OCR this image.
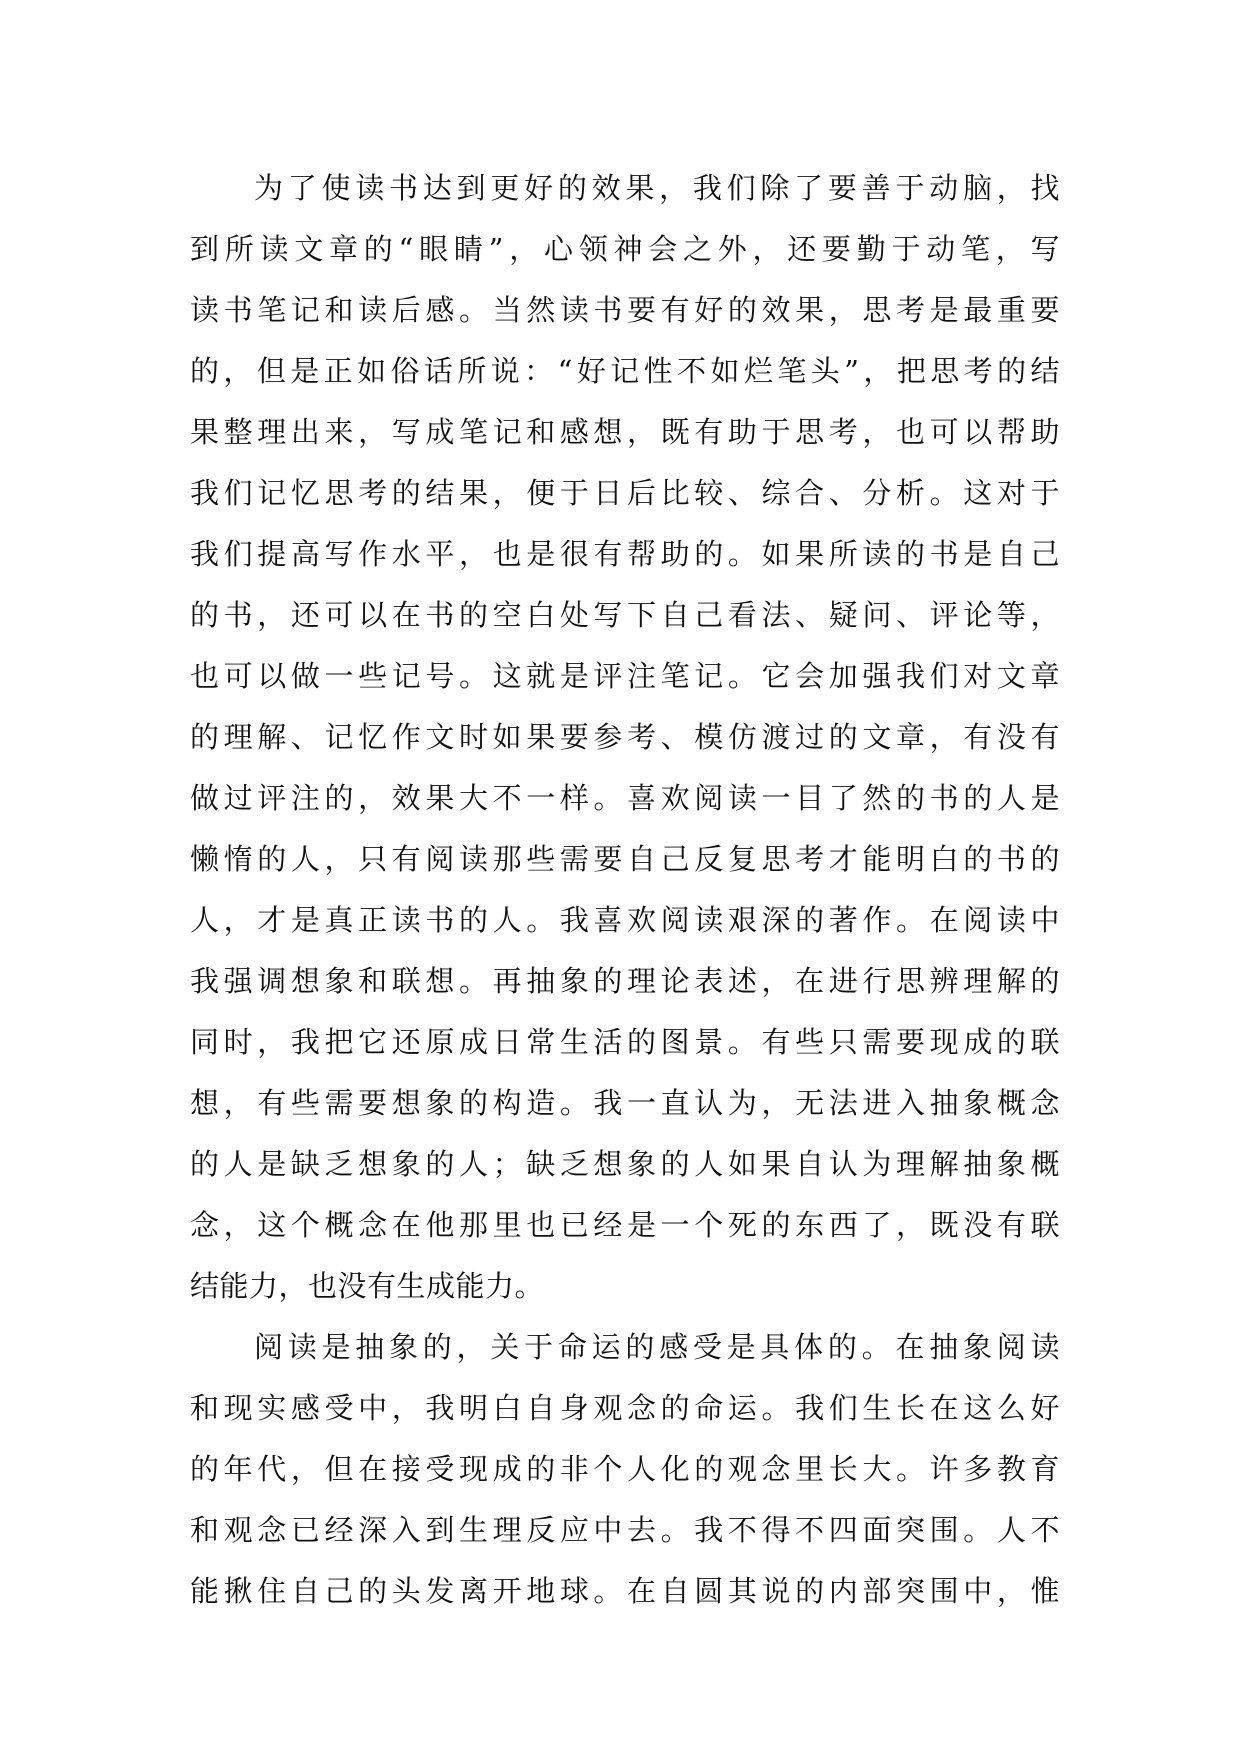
为了使读书达到更好的效果，我们除了要善于动脑，找
到所读文章的“眼睛”，心领神会之外，还要勤于动笔，写
读书笔记和读后感。当然读书要有好的效果，思考是最重要
的，但是正如俗话所说：“好记性不如烂笔头”，把思考的结
果整理出来，写成笔记和感想，既有助于思考，也可以帮助
我们记忆思考的结果，便于日后比较、综合、分析。这对于
我们提高写作水平，也是很有帮助的。如果所读的书是自己
的书，还可以在书的空白处写下自己看法、疑问、评论等，
也可以做一些记号。这就是评注笔记。它会加强我们对文章
的理解、记忆作文时如果要参考、模仿渡过的文章，有没有
做过评注的，效果大不一样。喜欢阅读一目了然的书的人是
懒惰的人，只有阅读那些需要自己反复思考才能明白的书的
人，才是真正读书的人。我喜欢阅读艰深的著作。在阅读中
我强调想象和联想。再抽象的理论表述，在进行思辨理解的
同时，我把它还原成日常生活的图景。有些只需要现成的联
想，有些需要想象的构造。我一直认为，无法进入抽象概念
的人是缺乏想象的人；缺乏想象的人如果自认为理解抽象概
念，这个概念在他那里也已经是一个死的东西了，既没有联
结能力，也没有生成能力。
阅读是抽象的，关于命运的感受是具体的。在抽象阅读
和现实感受中，我明白自身观念的命运。我们生长在这么好
的年代，但在接受现成的非个人化的观念里长大。许多教育
和观念已经深入到生理反应中去。我不得不四面突围。人不
能揪住自己的头发离开地球。在自圆其说的内部突围中，惟
